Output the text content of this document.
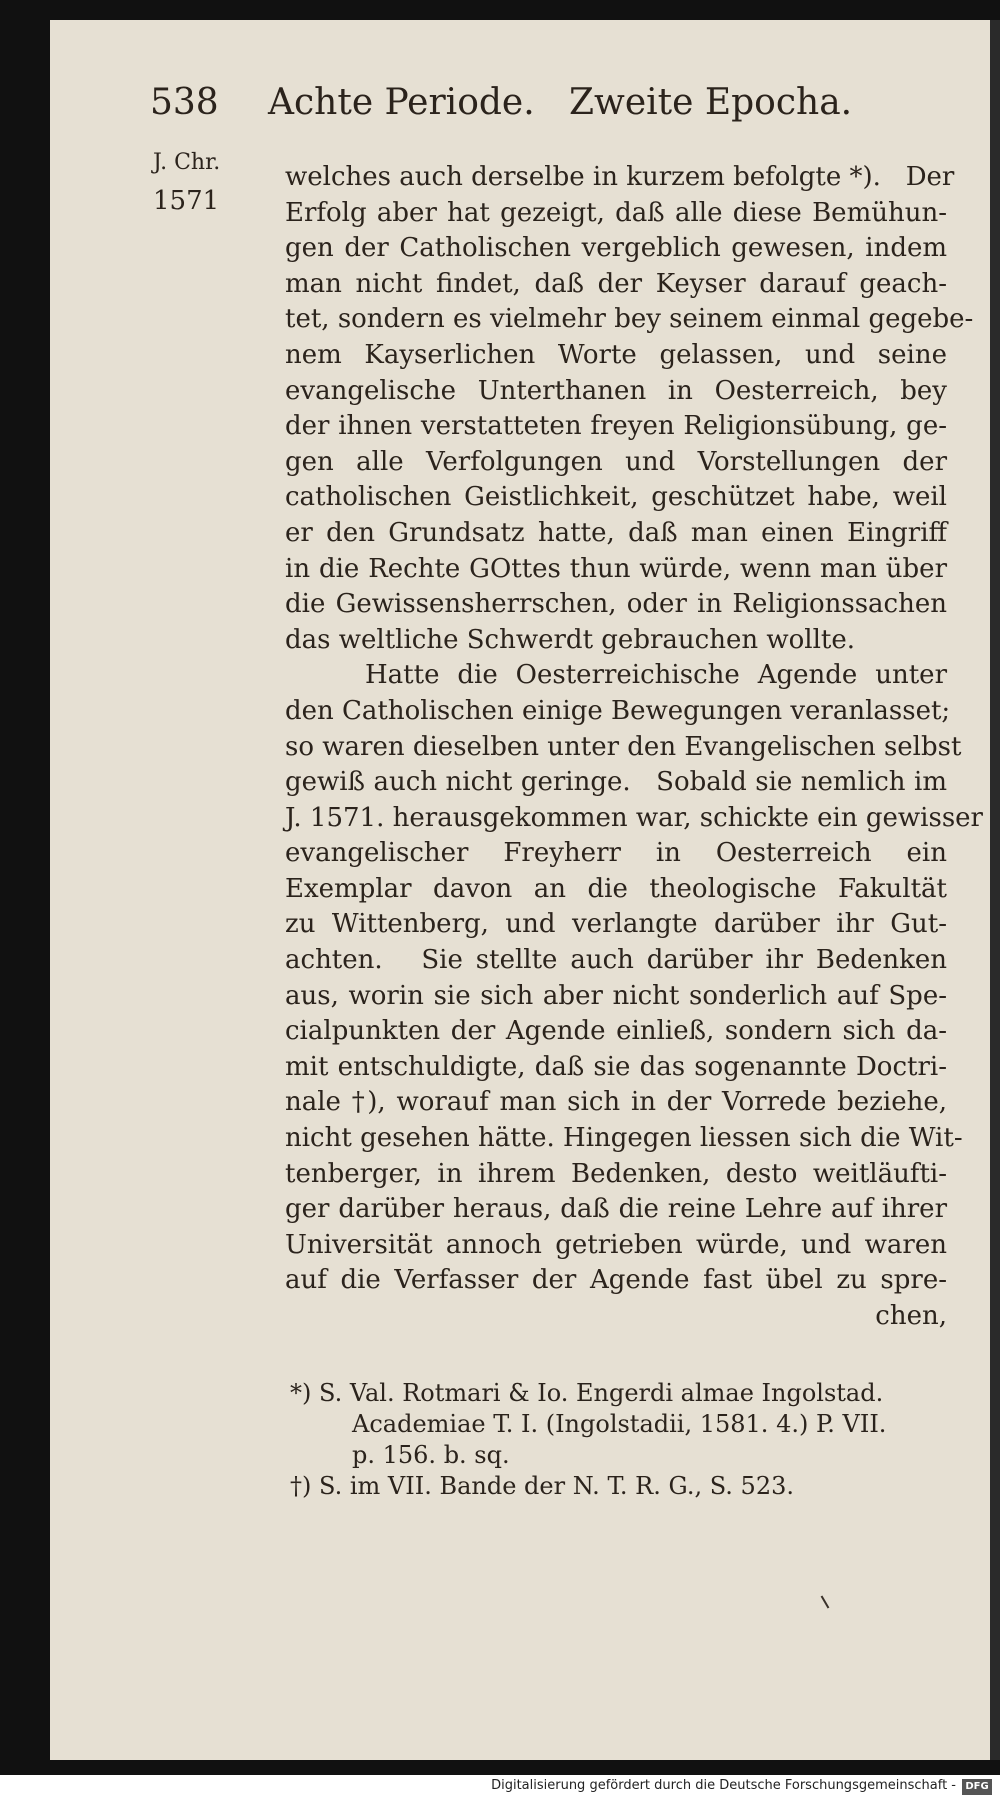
538 Achte Periode.   Zweite Epocha.
J. Chr.
1571
welches auch derselbe in kurzem befolgte *).   Der
Erfolg aber hat gezeigt, daß alle diese Bemühun-
gen der Catholischen vergeblich gewesen, indem
man nicht findet, daß der Keyser darauf geach-
tet, sondern es vielmehr bey seinem einmal gegebe-
nem Kayserlichen Worte gelassen, und seine
evangelische Unterthanen in Oesterreich, bey
der ihnen verstatteten freyen Religionsübung, ge-
gen alle Verfolgungen und Vorstellungen der
catholischen Geistlichkeit, geschützet habe, weil
er den Grundsatz hatte, daß man einen Eingriff
in die Rechte GOttes thun würde, wenn man über
die Gewissensherrschen, oder in Religionssachen
das weltliche Schwerdt gebrauchen wollte.
Hatte die Oesterreichische Agende unter
den Catholischen einige Bewegungen veranlasset;
so waren dieselben unter den Evangelischen selbst
gewiß auch nicht geringe.   Sobald sie nemlich im
J. 1571. herausgekommen war, schickte ein gewisser
evangelischer Freyherr in Oesterreich ein
Exemplar davon an die theologische Fakultät
zu Wittenberg, und verlangte darüber ihr Gut-
achten.   Sie stellte auch darüber ihr Bedenken
aus, worin sie sich aber nicht sonderlich auf Spe-
cialpunkten der Agende einließ, sondern sich da-
mit entschuldigte, daß sie das sogenannte Doctri-
nale †), worauf man sich in der Vorrede beziehe,
nicht gesehen hätte. Hingegen liessen sich die Wit-
tenberger, in ihrem Bedenken, desto weitläufti-
ger darüber heraus, daß die reine Lehre auf ihrer
Universität annoch getrieben würde, und waren
auf die Verfasser der Agende fast übel zu spre-
chen,
*) S. Val. Rotmari & Io. Engerdi almae Ingolstad.
Academiae T. I. (Ingolstadii, 1581. 4.) P. VII.
p. 156. b. sq.
†) S. im VII. Bande der N. T. R. G., S. 523.
Digitalisierung gefördert durch die Deutsche Forschungsgemeinschaft - DFG
